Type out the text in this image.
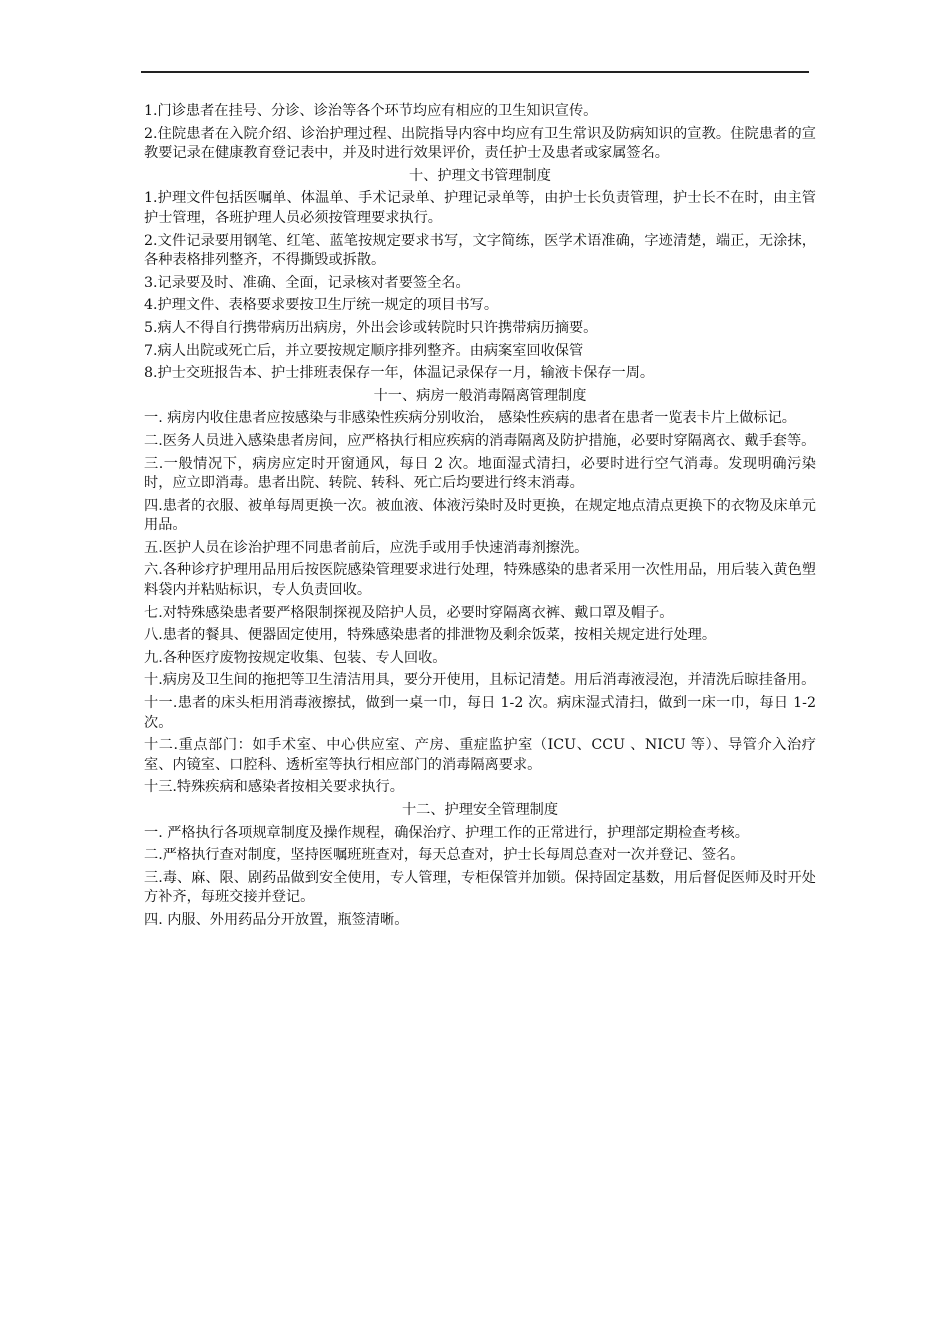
1.门诊患者在挂号、分诊、诊治等各个环节均应有相应的卫生知识宣传。

2.住院患者在入院介绍、诊治护理过程、出院指导内容中均应有卫生常识及防病知识的宣教。住院患者的宣教要记录在健康教育登记表中，并及时进行效果评价，责任护士及患者或家属签名。

十、护理文书管理制度

1.护理文件包括医嘱单、体温单、手术记录单、护理记录单等，由护士长负责管理，护士长不在时，由主管护士管理，各班护理人员必须按管理要求执行。

2.文件记录要用钢笔、红笔、蓝笔按规定要求书写，文字简练，医学术语准确，字迹清楚，端正，无涂抹，各种表格排列整齐，不得撕毁或拆散。

3.记录要及时、准确、全面，记录核对者要签全名。

4.护理文件、表格要求要按卫生厅统一规定的项目书写。

5.病人不得自行携带病历出病房，外出会诊或转院时只许携带病历摘要。

7.病人出院或死亡后，并立要按规定顺序排列整齐。由病案室回收保管

8.护士交班报告本、护士排班表保存一年，体温记录保存一月，输液卡保存一周。

十一、病房一般消毒隔离管理制度

一. 病房内收住患者应按感染与非感染性疾病分别收治， 感染性疾病的患者在患者一览表卡片上做标记。

二.医务人员进入感染患者房间，应严格执行相应疾病的消毒隔离及防护措施，必要时穿隔离衣、戴手套等。

三.一般情况下，病房应定时开窗通风，每日 2 次。地面湿式清扫，必要时进行空气消毒。发现明确污染时，应立即消毒。患者出院、转院、转科、死亡后均要进行终末消毒。

四.患者的衣服、被单每周更换一次。被血液、体液污染时及时更换，在规定地点清点更换下的衣物及床单元用品。

五.医护人员在诊治护理不同患者前后，应洗手或用手快速消毒剂擦洗。

六.各种诊疗护理用品用后按医院感染管理要求进行处理，特殊感染的患者采用一次性用品，用后装入黄色塑料袋内并粘贴标识，专人负责回收。

七.对特殊感染患者要严格限制探视及陪护人员，必要时穿隔离衣裤、戴口罩及帽子。

八.患者的餐具、便器固定使用，特殊感染患者的排泄物及剩余饭菜，按相关规定进行处理。

九.各种医疗废物按规定收集、包装、专人回收。

十.病房及卫生间的拖把等卫生清洁用具，要分开使用，且标记清楚。用后消毒液浸泡，并清洗后晾挂备用。

十一.患者的床头柜用消毒液擦拭，做到一桌一巾，每日 1-2 次。病床湿式清扫，做到一床一巾，每日 1-2 次。

十二.重点部门：如手术室、中心供应室、产房、重症监护室（ICU、CCU 、NICU 等）、导管介入治疗室、内镜室、口腔科、透析室等执行相应部门的消毒隔离要求。

十三.特殊疾病和感染者按相关要求执行。

十二、护理安全管理制度

一. 严格执行各项规章制度及操作规程，确保治疗、护理工作的正常进行，护理部定期检查考核。

二.严格执行查对制度，坚持医嘱班班查对，每天总查对，护士长每周总查对一次并登记、签名。

三.毒、麻、限、剧药品做到安全使用，专人管理，专柜保管并加锁。保持固定基数，用后督促医师及时开处方补齐，每班交接并登记。

四. 内服、外用药品分开放置，瓶签清晰。
